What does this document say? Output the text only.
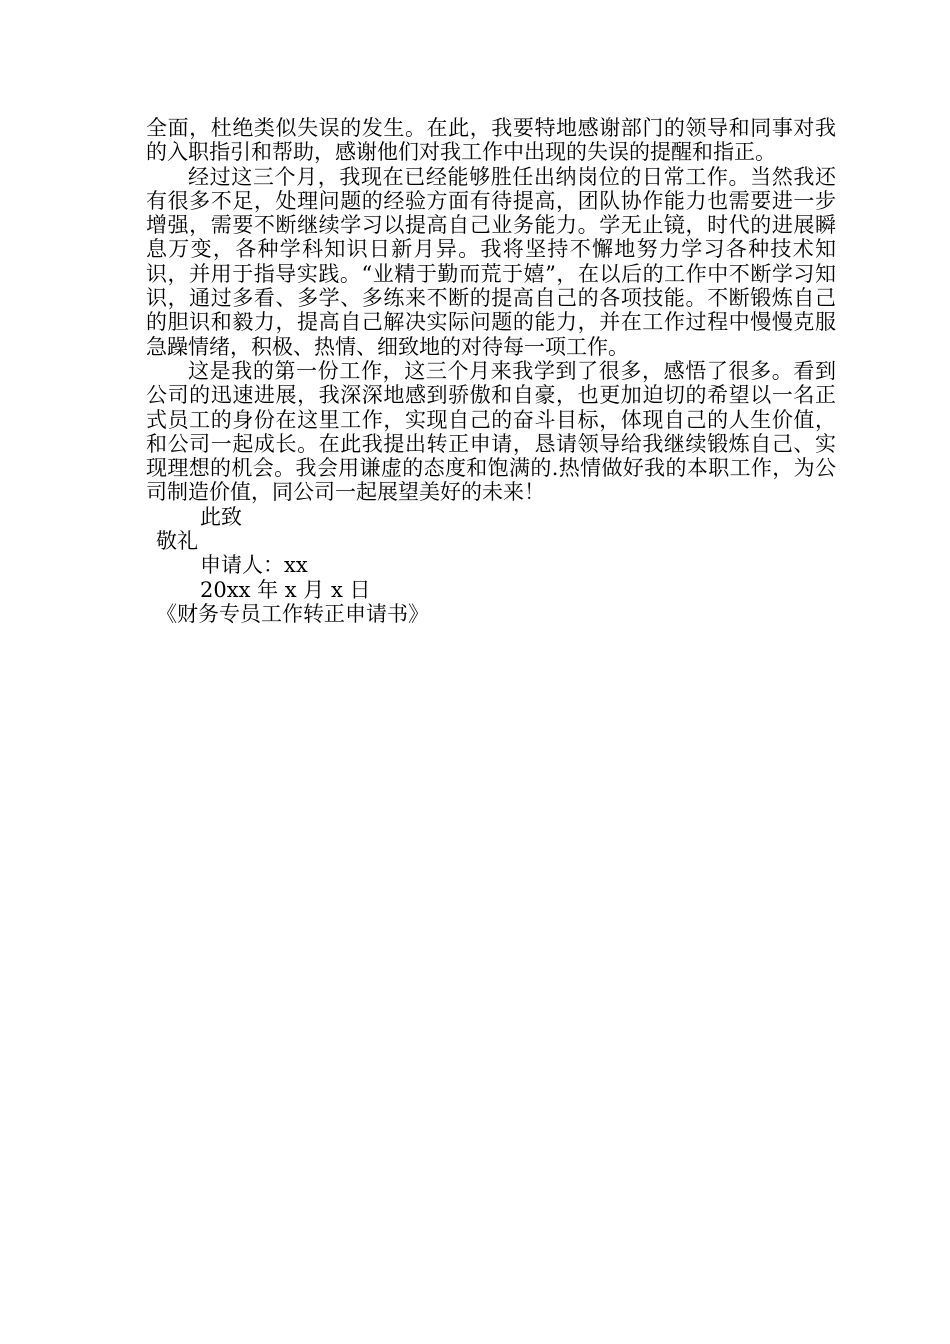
全面，杜绝类似失误的发生。在此，我要特地感谢部门的领导和同事对我的入职指引和帮助，感谢他们对我工作中出现的失误的提醒和指正。

经过这三个月，我现在已经能够胜任出纳岗位的日常工作。当然我还有很多不足，处理问题的经验方面有待提高，团队协作能力也需要进一步增强，需要不断继续学习以提高自己业务能力。学无止镜，时代的进展瞬息万变，各种学科知识日新月异。我将坚持不懈地努力学习各种技术知识，并用于指导实践。“业精于勤而荒于嬉”，在以后的工作中不断学习知识，通过多看、多学、多练来不断的提高自己的各项技能。不断锻炼自己的胆识和毅力，提高自己解决实际问题的能力，并在工作过程中慢慢克服急躁情绪，积极、热情、细致地的对待每一项工作。

这是我的第一份工作，这三个月来我学到了很多，感悟了很多。看到公司的迅速进展，我深深地感到骄傲和自豪，也更加迫切的希望以一名正式员工的身份在这里工作，实现自己的奋斗目标，体现自己的人生价值，和公司一起成长。在此我提出转正申请，恳请领导给我继续锻炼自己、实现理想的机会。我会用谦虚的态度和饱满的.热情做好我的本职工作，为公司制造价值，同公司一起展望美好的未来！

此致

敬礼

申请人：xx

20xx 年 x 月 x 日

《财务专员工作转正申请书》
